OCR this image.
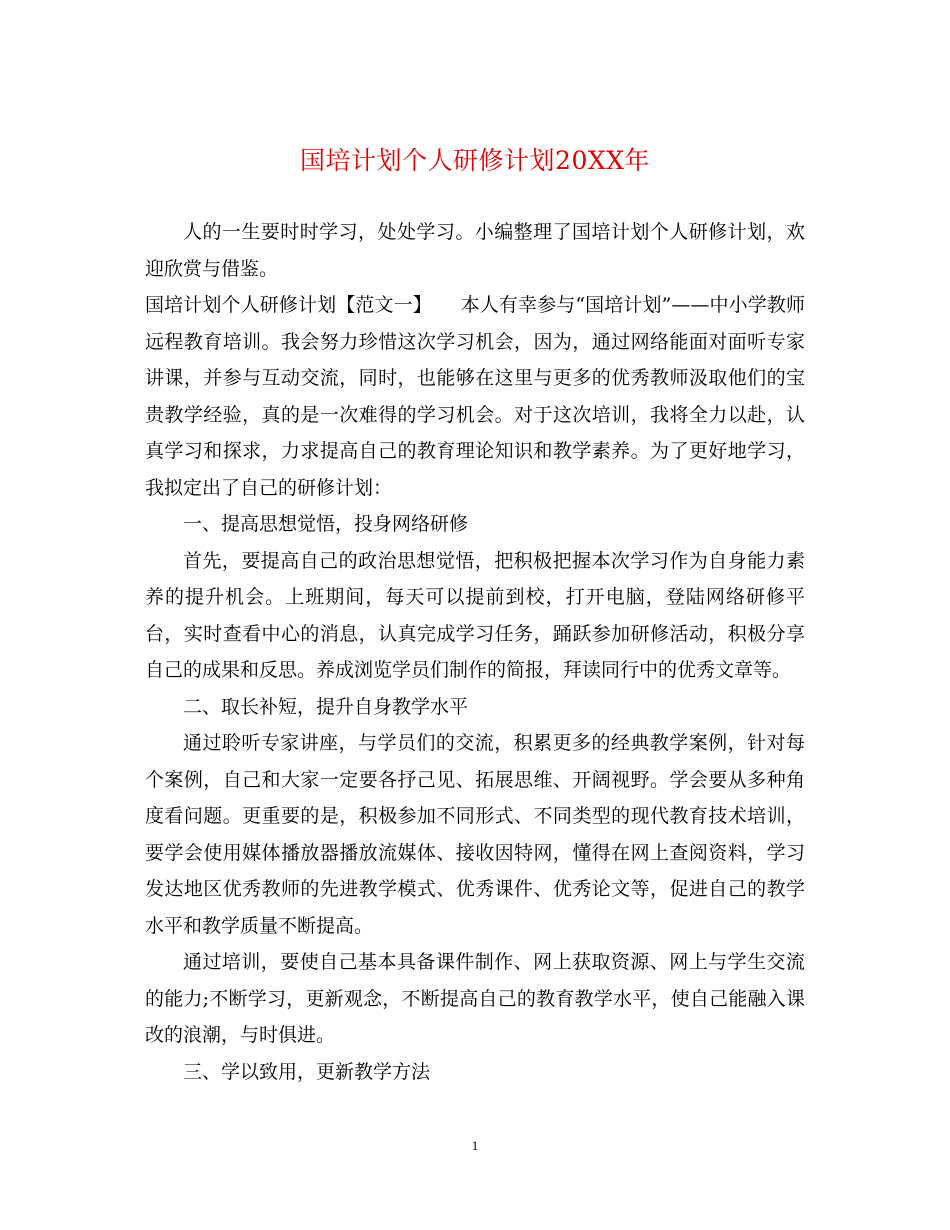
国培计划个人研修计划20XX年

人的一生要时时学习，处处学习。小编整理了国培计划个人研修计划，欢迎欣赏与借鉴。

国培计划个人研修计划【范文一】　　本人有幸参与“国培计划”——中小学教师远程教育培训。我会努力珍惜这次学习机会，因为，通过网络能面对面听专家讲课，并参与互动交流，同时，也能够在这里与更多的优秀教师汲取他们的宝贵教学经验，真的是一次难得的学习机会。对于这次培训，我将全力以赴，认真学习和探求，力求提高自己的教育理论知识和教学素养。为了更好地学习，我拟定出了自己的研修计划：

一、提高思想觉悟，投身网络研修

首先，要提高自己的政治思想觉悟，把积极把握本次学习作为自身能力素养的提升机会。上班期间，每天可以提前到校，打开电脑，登陆网络研修平台，实时查看中心的消息，认真完成学习任务，踊跃参加研修活动，积极分享自己的成果和反思。养成浏览学员们制作的简报，拜读同行中的优秀文章等。

二、取长补短，提升自身教学水平

通过聆听专家讲座，与学员们的交流，积累更多的经典教学案例，针对每个案例，自己和大家一定要各抒己见、拓展思维、开阔视野。学会要从多种角度看问题。更重要的是，积极参加不同形式、不同类型的现代教育技术培训，要学会使用媒体播放器播放流媒体、接收因特网，懂得在网上查阅资料，学习发达地区优秀教师的先进教学模式、优秀课件、优秀论文等，促进自己的教学水平和教学质量不断提高。

通过培训，要使自己基本具备课件制作、网上获取资源、网上与学生交流的能力;不断学习，更新观念，不断提高自己的教育教学水平，使自己能融入课改的浪潮，与时俱进。

三、学以致用，更新教学方法

1
